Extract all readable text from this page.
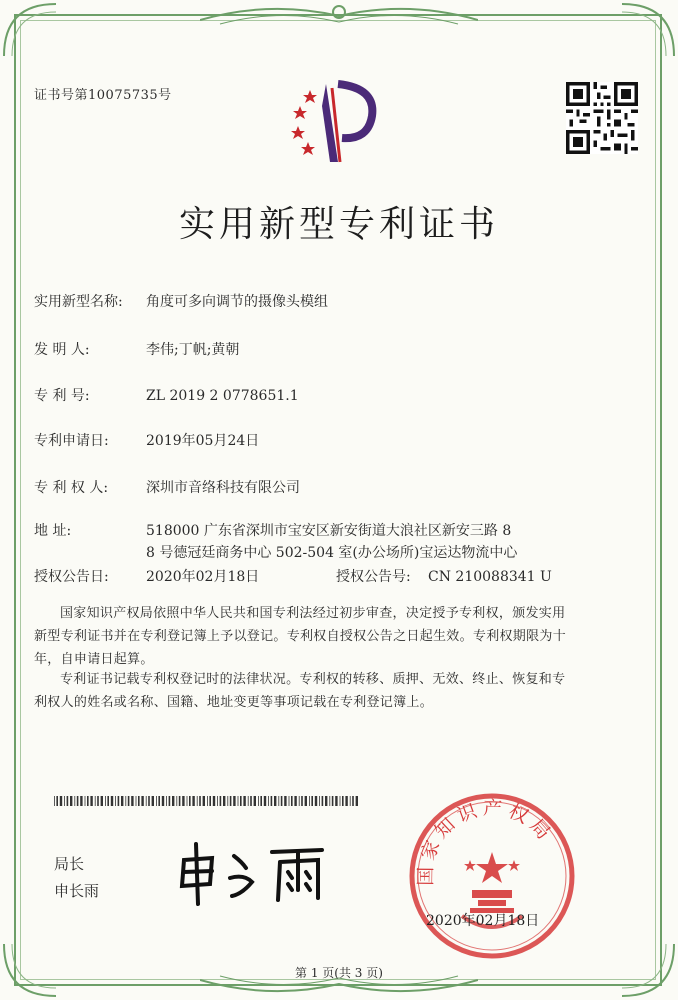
证书号第10075735号
实用新型专利证书
实用新型名称: 角度可多向调节的摄像头模组
发 明 人:	李伟;丁帆;黄朝
专 利 号:	ZL 2019 2 0778651.1
专利申请日:	2019年05月24日
专 利 权 人:	深圳市音络科技有限公司
地 址:	518000 广东省深圳市宝安区新安街道大浪社区新安三路 8
8 号德冠廷商务中心 502-504 室(办公场所)宝运达物流中心
授权公告日:	2020年02月18日	授权公告号: CN 210088341 U
国家知识产权局依照中华人民共和国专利法经过初步审查，决定授予专利权，颁发实用
新型专利证书并在专利登记簿上予以登记。专利权自授权公告之日起生效。专利权期限为十
年，自申请日起算。
专利证书记载专利权登记时的法律状况。专利权的转移、质押、无效、终止、恢复和专
利权人的姓名或名称、国籍、地址变更等事项记载在专利登记簿上。
局长
申长雨
国家知识产权局
2020年02月18日
第 1 页(共 3 页)
